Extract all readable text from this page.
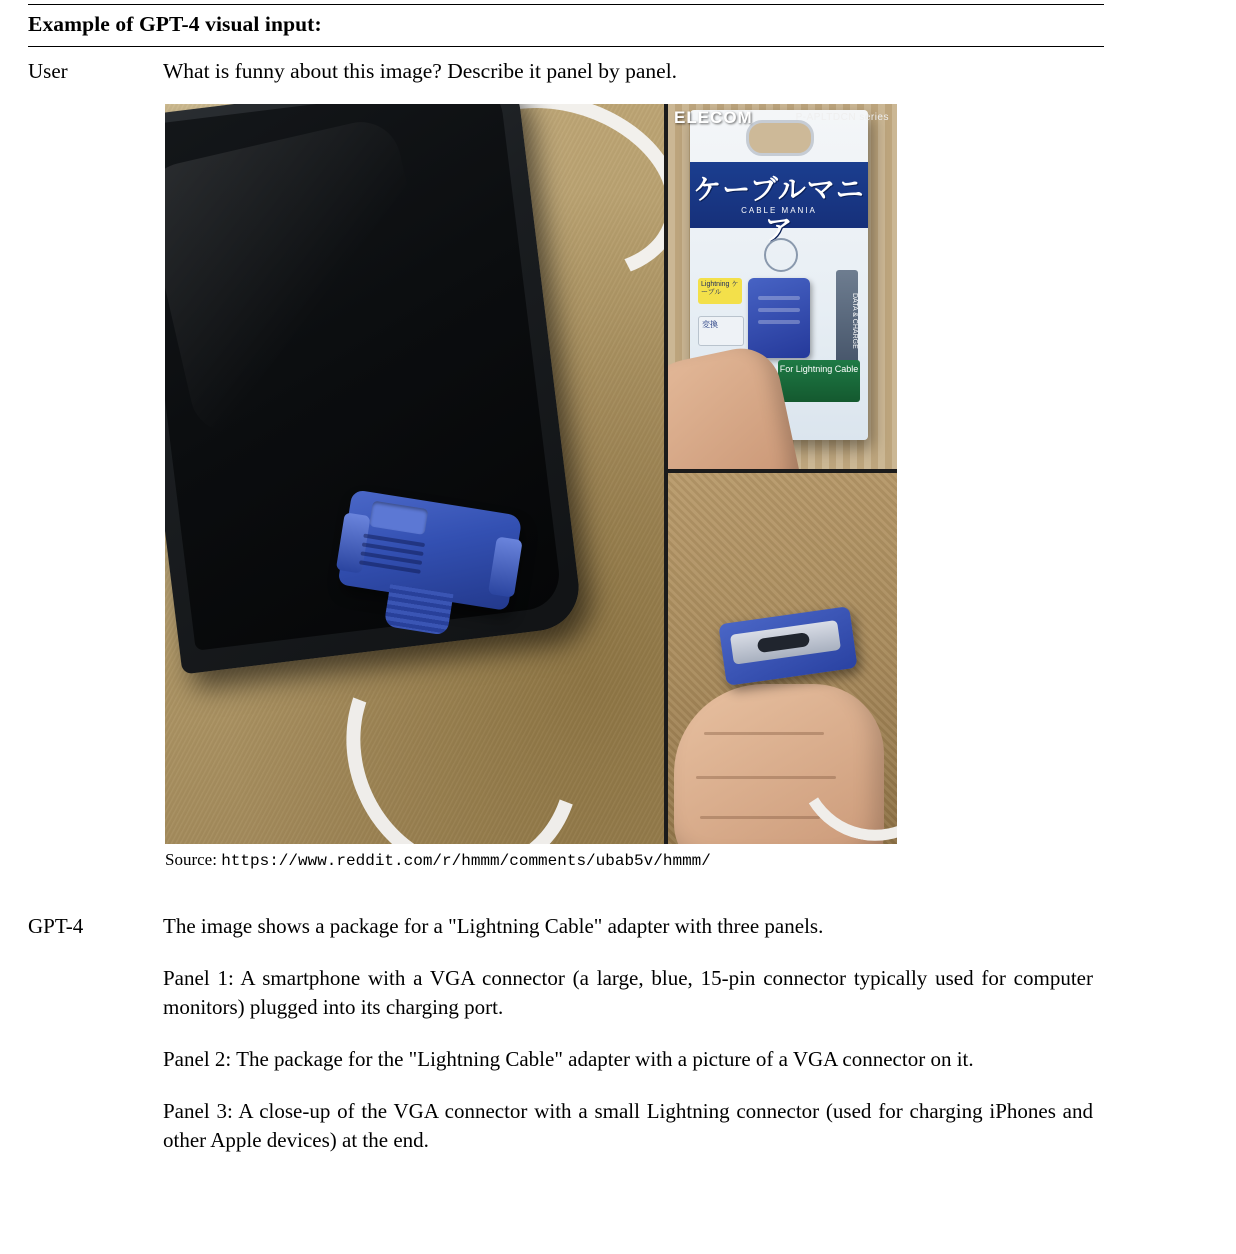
Example of GPT-4 visual input:
User	What is funny about this image? Describe it panel by panel.
ケーブルマニア
CABLE MANIA
Lightning ケーブル
変換	DATA & CHARGE
For Lightning Cable
ELECOM	P-APLTDCN series
Source: https://www.reddit.com/r/hmmm/comments/ubab5v/hmmm/
GPT-4	The image shows a package for a "Lightning Cable" adapter with three panels.

Panel 1: A smartphone with a VGA connector (a large, blue, 15-pin connector typically used for computer monitors) plugged into its charging port.

Panel 2: The package for the "Lightning Cable" adapter with a picture of a VGA connector on it.

Panel 3: A close-up of the VGA connector with a small Lightning connector (used for charging iPhones and other Apple devices) at the end.
